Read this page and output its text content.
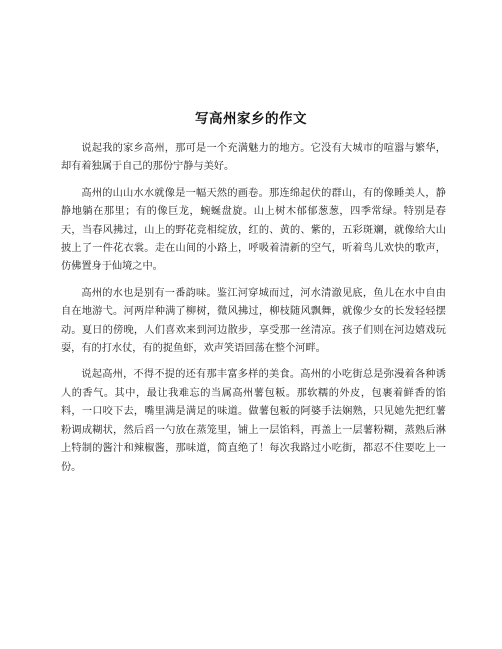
写高州家乡的作文

说起我的家乡高州，那可是一个充满魅力的地方。它没有大城市的喧嚣与繁华，却有着独属于自己的那份宁静与美好。

高州的山山水水就像是一幅天然的画卷。那连绵起伏的群山，有的像睡美人，静静地躺在那里；有的像巨龙，蜿蜒盘旋。山上树木郁郁葱葱，四季常绿。特别是春天，当春风拂过，山上的野花竞相绽放，红的、黄的、紫的，五彩斑斓，就像给大山披上了一件花衣裳。走在山间的小路上，呼吸着清新的空气，听着鸟儿欢快的歌声，仿佛置身于仙境之中。

高州的水也是别有一番韵味。鉴江河穿城而过，河水清澈见底，鱼儿在水中自由自在地游弋。河两岸种满了柳树，微风拂过，柳枝随风飘舞，就像少女的长发轻轻摆动。夏日的傍晚，人们喜欢来到河边散步，享受那一丝清凉。孩子们则在河边嬉戏玩耍，有的打水仗，有的捉鱼虾，欢声笑语回荡在整个河畔。

说起高州，不得不提的还有那丰富多样的美食。高州的小吃街总是弥漫着各种诱人的香气。其中，最让我难忘的当属高州薯包粄。那软糯的外皮，包裹着鲜香的馅料，一口咬下去，嘴里满是满足的味道。做薯包粄的阿婆手法娴熟，只见她先把红薯粉调成糊状，然后舀一勺放在蒸笼里，铺上一层馅料，再盖上一层薯粉糊，蒸熟后淋上特制的酱汁和辣椒酱，那味道，简直绝了！每次我路过小吃街，都忍不住要吃上一份。
